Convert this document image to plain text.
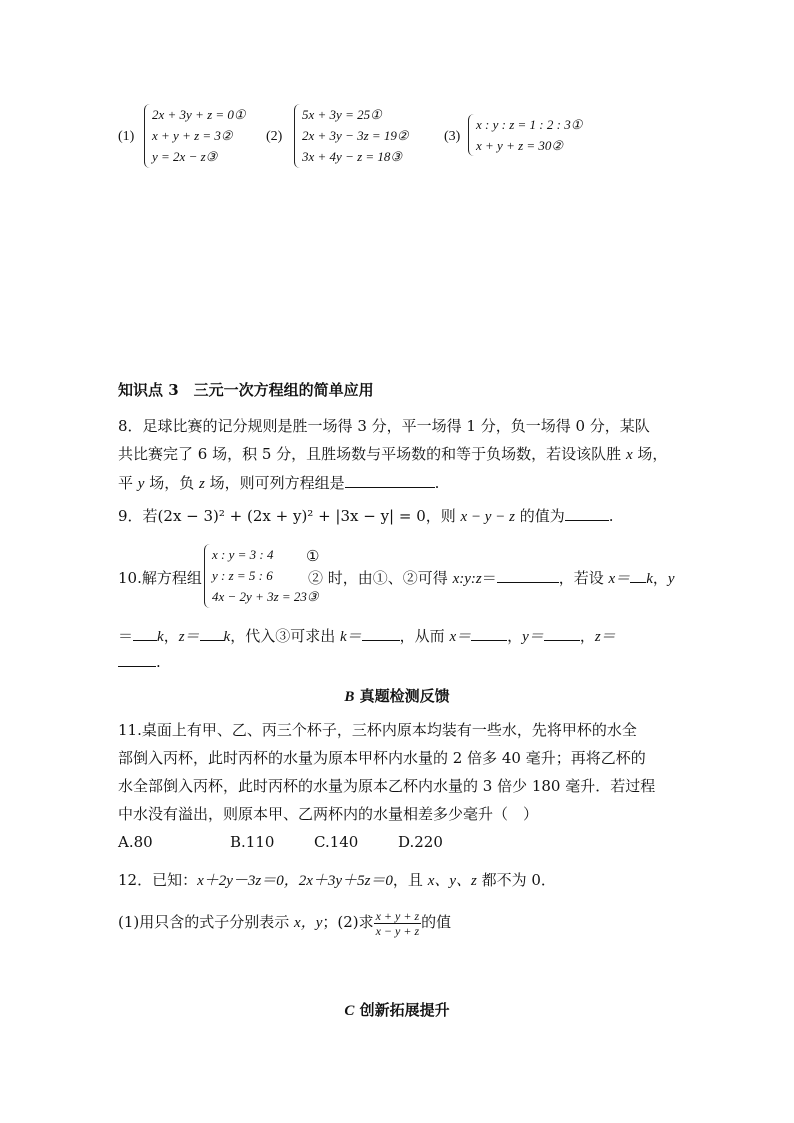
(1)
2x + 3y + z = 0①
x + y + z = 3②
y = 2x − z③
(2)
5x + 3y = 25①
2x + 3y − 3z = 19②
3x + 4y − z = 18③
(3)
x : y : z = 1 : 2 : 3①
x + y + z = 30②
知识点 3　三元一次方程组的简单应用
8．足球比赛的记分规则是胜一场得 3 分，平一场得 1 分，负一场得 0 分，某队
共比赛完了 6 场，积 5 分，且胜场数与平场数的和等于负场数，若设该队胜 x 场，
平 y 场，负 z 场，则可列方程组是	.
9．若(2x − 3)² + (2x + y)² + |3x − y| = 0，则 x − y − z 的值为	.
10.解方程组
x : y = 3 : 4
y : z = 5 : 6
4x − 2y + 3z = 23③
①
② 时，由①、②可得 x:y:z＝	，若设 x＝ k，y
＝ k，z＝ k，代入③可求出 k＝	，从而 x＝ ，y＝ ，z＝
.
B 真题检测反馈
11.桌面上有甲、乙、丙三个杯子，三杯内原本均装有一些水，先将甲杯的水全
部倒入丙杯，此时丙杯的水量为原本甲杯内水量的 2 倍多 40 毫升；再将乙杯的
水全部倒入丙杯，此时丙杯的水量为原本乙杯内水量的 3 倍少 180 毫升．若过程
中水没有溢出，则原本甲、乙两杯内的水量相差多少毫升（　）
A.80	B.110	C.140	D.220
12．已知：x＋2y－3z＝0，2x＋3y＋5z＝0，且 x、y、z 都不为 0．
(1)用只含的式子分别表示 x，y；(2)求 $\frac{x + y + z}{x - y + z}$ 的值
C 创新拓展提升
